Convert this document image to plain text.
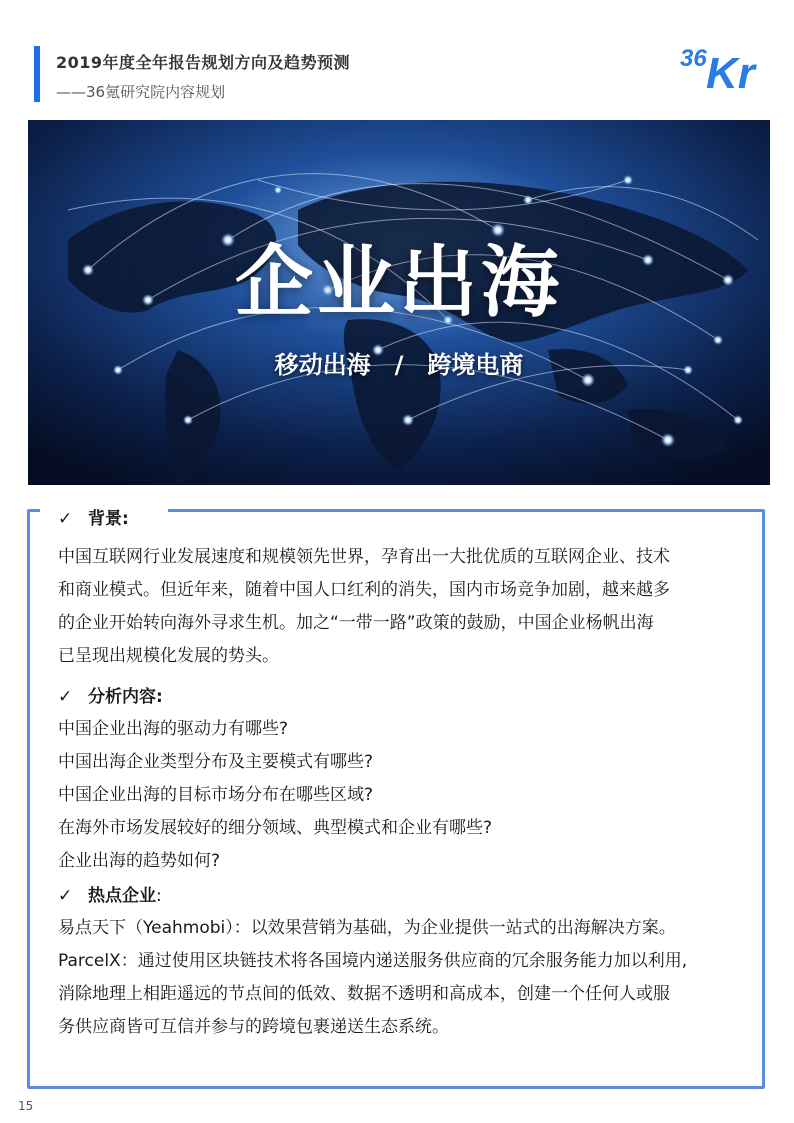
2019年度全年报告规划方向及趋势预测
——36氪研究院内容规划
36 Kr
企业出海
移动出海 / 跨境电商
✓ 背景:
中国互联网行业发展速度和规模领先世界，孕育出一大批优质的互联网企业、技术
和商业模式。但近年来，随着中国人口红利的消失，国内市场竞争加剧，越来越多
的企业开始转向海外寻求生机。加之“一带一路”政策的鼓励，中国企业杨帆出海
已呈现出规模化发展的势头。
✓ 分析内容:
中国企业出海的驱动力有哪些?
中国出海企业类型分布及主要模式有哪些?
中国企业出海的目标市场分布在哪些区域?
在海外市场发展较好的细分领域、典型模式和企业有哪些?
企业出海的趋势如何?
✓ 热点企业:
易点天下（Yeahmobi）：以效果营销为基础，为企业提供一站式的出海解决方案。
ParcelX：通过使用区块链技术将各国境内递送服务供应商的冗余服务能力加以利用,
消除地理上相距遥远的节点间的低效、数据不透明和高成本，创建一个任何人或服
务供应商皆可互信并参与的跨境包裹递送生态系统。
15
